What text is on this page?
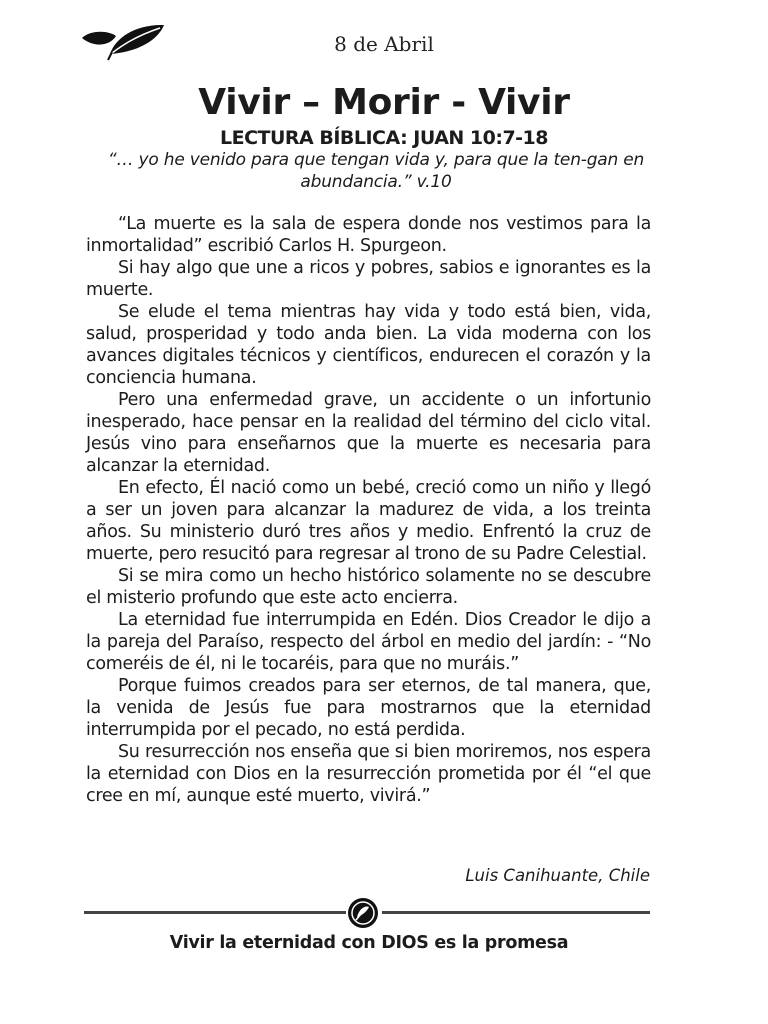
8 de Abril
Vivir – Morir - Vivir
LECTURA BÍBLICA: JUAN 10:7-18
“… yo he venido para que tengan vida y, para que la ten-gan en abundancia.” v.10

“La muerte es la sala de espera donde nos vestimos para la inmortalidad” escribió Carlos H. Spurgeon.

Si hay algo que une a ricos y pobres, sabios e ignorantes es la muerte.

Se elude el tema mientras hay vida y todo está bien, vida, salud, prosperidad y todo anda bien. La vida moderna con los avances digitales técnicos y científicos, endurecen el corazón y la conciencia humana.

Pero una enfermedad grave, un accidente o un infortunio inesperado, hace pensar en la realidad del término del ciclo vital. Jesús vino para enseñarnos que la muerte es necesaria para alcanzar la eternidad.

En efecto, Él nació como un bebé, creció como un niño y llegó a ser un joven para alcanzar la madurez de vida, a los treinta años. Su ministerio duró tres años y medio. Enfrentó la cruz de muerte, pero resucitó para regresar al trono de su Padre Celestial.

Si se mira como un hecho histórico solamente no se descubre el misterio profundo que este acto encierra.

La eternidad fue interrumpida en Edén. Dios Creador le dijo a la pareja del Paraíso, respecto del árbol en medio del jardín: - “No comeréis de él, ni le tocaréis, para que no muráis.”

Porque fuimos creados para ser eternos, de tal manera, que, la venida de Jesús fue para mostrarnos que la eternidad interrumpida por el pecado, no está perdida.

Su resurrección nos enseña que si bien moriremos, nos espera la eternidad con Dios en la resurrección prometida por él “el que cree en mí, aunque esté muerto, vivirá.”

Luis Canihuante, Chile
Vivir la eternidad con DIOS es la promesa
